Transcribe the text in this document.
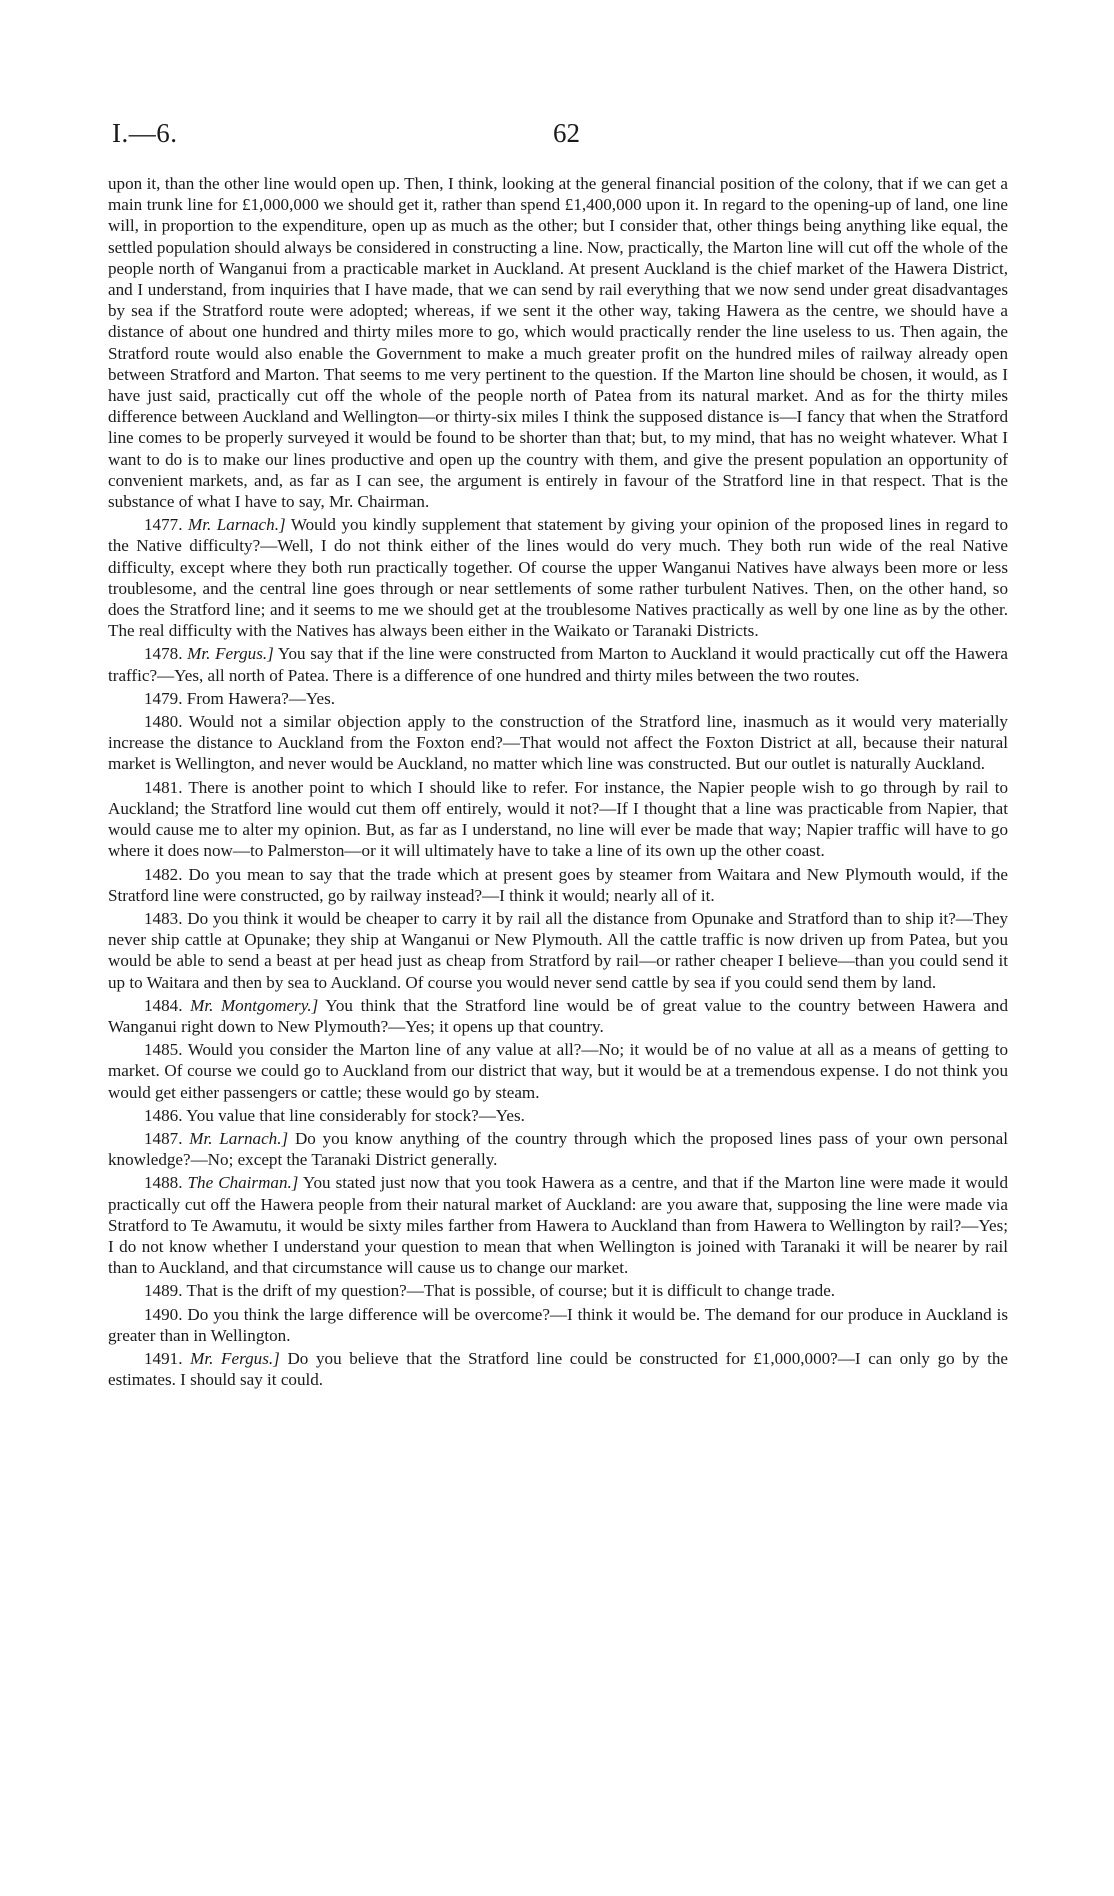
I.—6.	62

upon it, than the other line would open up. Then, I think, looking at the general financial position of the colony, that if we can get a main trunk line for £1,000,000 we should get it, rather than spend £1,400,000 upon it. In regard to the opening-up of land, one line will, in proportion to the expenditure, open up as much as the other; but I consider that, other things being anything like equal, the settled population should always be considered in constructing a line. Now, practically, the Marton line will cut off the whole of the people north of Wanganui from a practicable market in Auckland. At present Auckland is the chief market of the Hawera District, and I understand, from inquiries that I have made, that we can send by rail everything that we now send under great disadvantages by sea if the Stratford route were adopted; whereas, if we sent it the other way, taking Hawera as the centre, we should have a distance of about one hundred and thirty miles more to go, which would practically render the line useless to us. Then again, the Stratford route would also enable the Government to make a much greater profit on the hundred miles of railway already open between Stratford and Marton. That seems to me very pertinent to the question. If the Marton line should be chosen, it would, as I have just said, practically cut off the whole of the people north of Patea from its natural market. And as for the thirty miles difference between Auckland and Wellington—or thirty-six miles I think the supposed distance is—I fancy that when the Stratford line comes to be properly surveyed it would be found to be shorter than that; but, to my mind, that has no weight whatever. What I want to do is to make our lines productive and open up the country with them, and give the present population an opportunity of convenient markets, and, as far as I can see, the argument is entirely in favour of the Stratford line in that respect. That is the substance of what I have to say, Mr. Chairman.

1477. Mr. Larnach.] Would you kindly supplement that statement by giving your opinion of the proposed lines in regard to the Native difficulty?—Well, I do not think either of the lines would do very much. They both run wide of the real Native difficulty, except where they both run practically together. Of course the upper Wanganui Natives have always been more or less troublesome, and the central line goes through or near settlements of some rather turbulent Natives. Then, on the other hand, so does the Stratford line; and it seems to me we should get at the troublesome Natives practically as well by one line as by the other. The real difficulty with the Natives has always been either in the Waikato or Taranaki Districts.

1478. Mr. Fergus.] You say that if the line were constructed from Marton to Auckland it would practically cut off the Hawera traffic?—Yes, all north of Patea. There is a difference of one hundred and thirty miles between the two routes.

1479. From Hawera?—Yes.

1480. Would not a similar objection apply to the construction of the Stratford line, inasmuch as it would very materially increase the distance to Auckland from the Foxton end?—That would not affect the Foxton District at all, because their natural market is Wellington, and never would be Auckland, no matter which line was constructed. But our outlet is naturally Auckland.

1481. There is another point to which I should like to refer. For instance, the Napier people wish to go through by rail to Auckland; the Stratford line would cut them off entirely, would it not?—If I thought that a line was practicable from Napier, that would cause me to alter my opinion. But, as far as I understand, no line will ever be made that way; Napier traffic will have to go where it does now—to Palmerston—or it will ultimately have to take a line of its own up the other coast.

1482. Do you mean to say that the trade which at present goes by steamer from Waitara and New Plymouth would, if the Stratford line were constructed, go by railway instead?—I think it would; nearly all of it.

1483. Do you think it would be cheaper to carry it by rail all the distance from Opunake and Stratford than to ship it?—They never ship cattle at Opunake; they ship at Wanganui or New Plymouth. All the cattle traffic is now driven up from Patea, but you would be able to send a beast at per head just as cheap from Stratford by rail—or rather cheaper I believe—than you could send it up to Waitara and then by sea to Auckland. Of course you would never send cattle by sea if you could send them by land.

1484. Mr. Montgomery.] You think that the Stratford line would be of great value to the country between Hawera and Wanganui right down to New Plymouth?—Yes; it opens up that country.

1485. Would you consider the Marton line of any value at all?—No; it would be of no value at all as a means of getting to market. Of course we could go to Auckland from our district that way, but it would be at a tremendous expense. I do not think you would get either passengers or cattle; these would go by steam.

1486. You value that line considerably for stock?—Yes.

1487. Mr. Larnach.] Do you know anything of the country through which the proposed lines pass of your own personal knowledge?—No; except the Taranaki District generally.

1488. The Chairman.] You stated just now that you took Hawera as a centre, and that if the Marton line were made it would practically cut off the Hawera people from their natural market of Auckland: are you aware that, supposing the line were made via Stratford to Te Awamutu, it would be sixty miles farther from Hawera to Auckland than from Hawera to Wellington by rail?—Yes; I do not know whether I understand your question to mean that when Wellington is joined with Taranaki it will be nearer by rail than to Auckland, and that circumstance will cause us to change our market.

1489. That is the drift of my question?—That is possible, of course; but it is difficult to change trade.

1490. Do you think the large difference will be overcome?—I think it would be. The demand for our produce in Auckland is greater than in Wellington.

1491. Mr. Fergus.] Do you believe that the Stratford line could be constructed for £1,000,000?—I can only go by the estimates. I should say it could.
